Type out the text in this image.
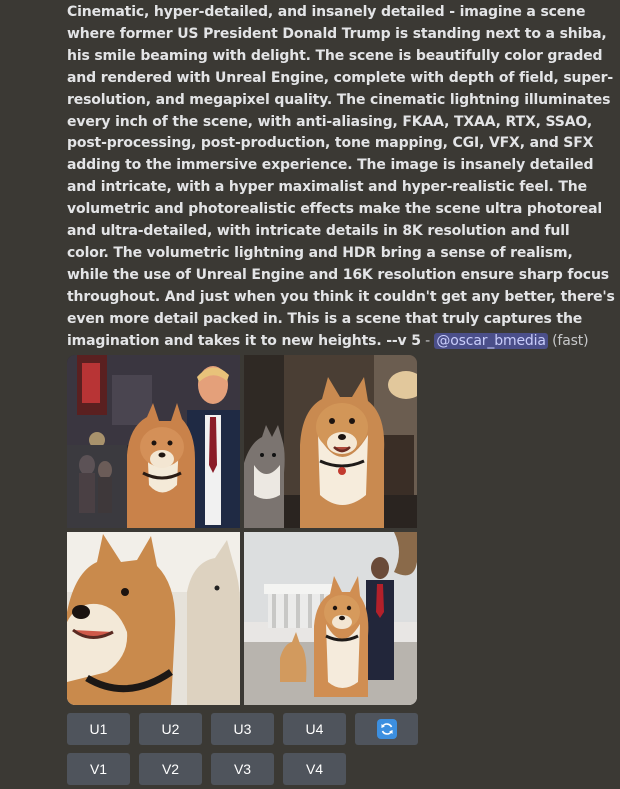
Cinematic, hyper-detailed, and insanely detailed - imagine a scene where former US President Donald Trump is standing next to a shiba, his smile beaming with delight. The scene is beautifully color graded and rendered with Unreal Engine, complete with depth of field, super-resolution, and megapixel quality. The cinematic lightning illuminates every inch of the scene, with anti-aliasing, FKAA, TXAA, RTX, SSAO, post-processing, post-production, tone mapping, CGI, VFX, and SFX adding to the immersive experience. The image is insanely detailed and intricate, with a hyper maximalist and hyper-realistic feel. The volumetric and photorealistic effects make the scene ultra photoreal and ultra-detailed, with intricate details in 8K resolution and full color. The volumetric lightning and HDR bring a sense of realism, while the use of Unreal Engine and 16K resolution ensure sharp focus throughout. And just when you think it couldn't get any better, there's even more detail packed in. This is a scene that truly captures the imagination and takes it to new heights. --v 5 - @oscar_bmedia (fast)

U1	U2	U3	U4
V1	V2	V3	V4
